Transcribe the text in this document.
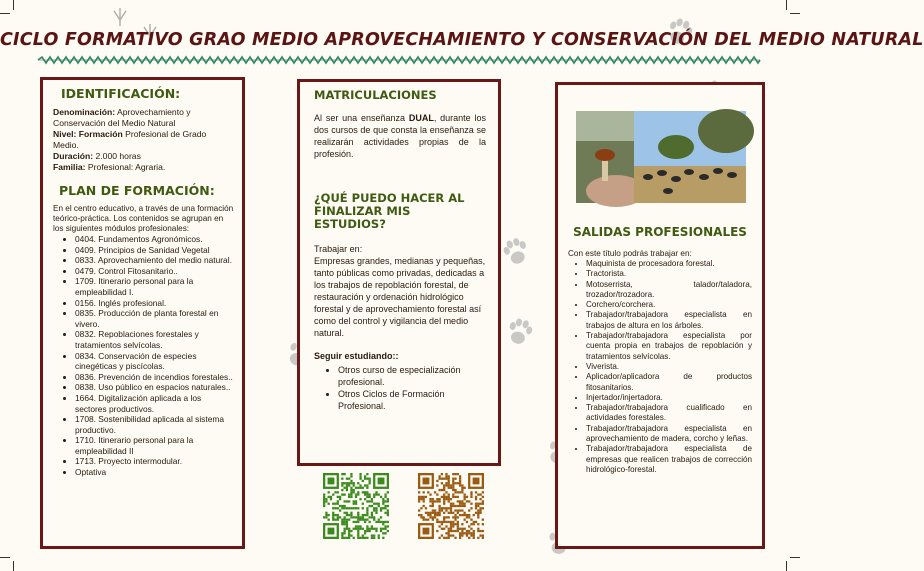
CICLO FORMATIVO GRAO MEDIO APROVECHAMIENTO Y CONSERVACIÓN DEL MEDIO NATURAL

IDENTIFICACIÓN:

Denominación: Aprovechamiento y Conservación del Medio Natural
Nivel: Formación Profesional de Grado Medio.
Duración: 2.000 horas
Familia: Profesional: Agraria.

PLAN DE FORMACIÓN:

En el centro educativo, a través de una formación teórico-práctica. Los contenidos se agrupan en los siguientes módulos profesionales:
• 0404. Fundamentos Agronómicos.
• 0409. Principios de Sanidad Vegetal
• 0833. Aprovechamiento del medio natural.
• 0479. Control Fitosanitario..
• 1709. Itinerario personal para la empleabilidad I.
• 0156. Inglés profesional.
• 0835. Producción de planta forestal en vivero.
• 0832. Repoblaciones forestales y tratamientos selvícolas.
• 0834. Conservación de especies cinegéticas y piscícolas.
• 0836. Prevención de incendios forestales..
• 0838. Uso público en espacios naturales..
• 1664. Digitalización aplicada a los sectores productivos.
• 1708. Sostenibilidad aplicada al sistema productivo.
• 1710. Itinerario personal para la empleabilidad II
• 1713. Proyecto intermodular.
• Optativa

MATRICULACIONES

Al ser una enseñanza DUAL, durante los dos cursos de que consta la enseñanza se realizarán actividades propias de la profesión.

¿QUÉ PUEDO HACER AL FINALIZAR MIS ESTUDIOS?

Trabajar en:
Empresas grandes, medianas y pequeñas, tanto públicas como privadas, dedicadas a los trabajos de repoblación forestal, de restauración y ordenación hidrológico forestal y de aprovechamiento forestal así como del control y vigilancia del medio natural.
Seguir estudiando::
• Otros curso de especialización profesional.
• Otros Ciclos de Formación Profesional.

SALIDAS PROFESIONALES

Con este título podrás trabajar en:
• Maquinista de procesadora forestal.
• Tractorista.
• Motoserrista, talador/taladora, trozador/trozadora.
• Corchero/corchera.
• Trabajador/trabajadora especialista en trabajos de altura en los árboles.
• Trabajador/trabajadora especialista por cuenta propia en trabajos de repoblación y tratamientos selvícolas.
• Viverista.
• Aplicador/aplicadora de productos fitosanitarios.
• Injertador/injertadora.
• Trabajador/trabajadora cualificado en actividades forestales.
• Trabajador/trabajadora especialista en aprovechamiento de madera, corcho y leñas.
• Trabajador/trabajadora especialista de empresas que realicen trabajos de corrección hidrológico-forestal.
